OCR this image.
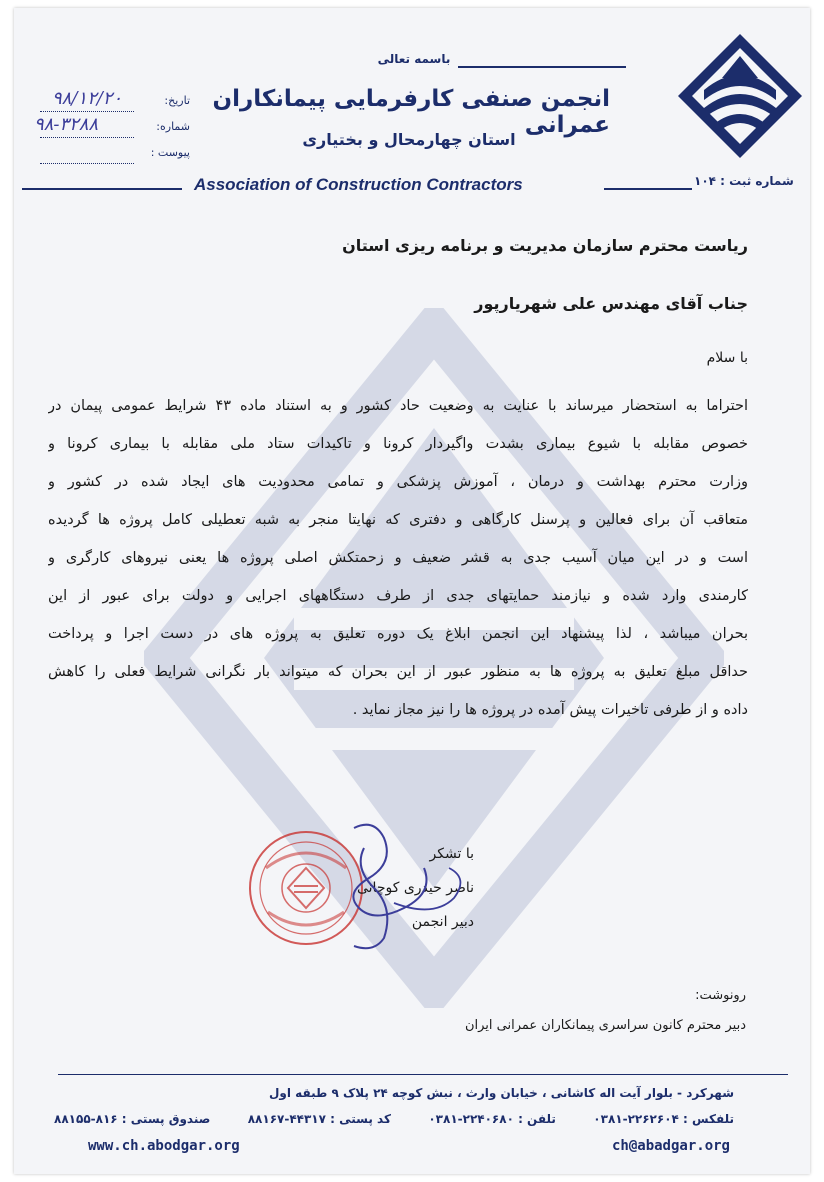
شماره ثبت : ۱۰۴
باسمه تعالی
انجمن صنفی کارفرمایی پیمانکاران عمرانی
استان چهارمحال و بختیاری
Association of Construction Contractors
تاریخ:
۹۸/۱۲/۲۰
شماره:
۹۸-۳۲۸۸
پیوست :
ریاست محترم سازمان مدیریت و برنامه ریزی استان
جناب آقای مهندس علی شهریارپور
با سلام
احتراما به استحضار میرساند با عنایت به وضعیت حاد کشور و به استناد ماده ۴۳ شرایط عمومی پیمان در
خصوص مقابله با شیوع بیماری بشدت واگیردار کرونا و تاکیدات ستاد ملی مقابله با بیماری کرونا و
وزارت محترم بهداشت و درمان ، آموزش پزشکی و تمامی محدودیت های ایجاد شده در کشور و
متعاقب آن برای فعالین و پرسنل کارگاهی و دفتری که نهایتا منجر به شبه تعطیلی کامل پروژه ها گردیده
است و در این میان آسیب جدی به قشر ضعیف و زحمتکش اصلی پروژه ها یعنی نیروهای کارگری و
کارمندی وارد شده و نیازمند حمایتهای جدی از طرف دستگاههای اجرایی و دولت برای عبور از این
بحران میباشد ، لذا پیشنهاد این انجمن ابلاغ یک دوره تعلیق به پروژه های در دست اجرا و پرداخت
حداقل مبلغ تعلیق به پروژه ها به منظور عبور از این بحران که میتواند بار نگرانی شرایط فعلی را کاهش
داده و از طرفی تاخیرات پیش آمده در پروژه ها را نیز مجاز نماید .
با تشکر
ناصر حیدری کوچانی
دبیر انجمن
رونوشت:
دبیر محترم کانون سراسری پیمانکاران عمرانی ایران
شهرکرد - بلوار آیت اله کاشانی ، خیابان وارث ، نبش کوچه ۲۴ پلاک ۹ طبقه اول
تلفکس : ۲۲۶۲۶۰۴-۰۳۸۱
تلفن : ۲۲۴۰۶۸۰-۰۳۸۱
کد پستی : ۴۴۳۱۷-۸۸۱۶۷
صندوق پستی : ۸۱۶-۸۸۱۵۵
www.ch.abodgar.org	ch@abadgar.org
